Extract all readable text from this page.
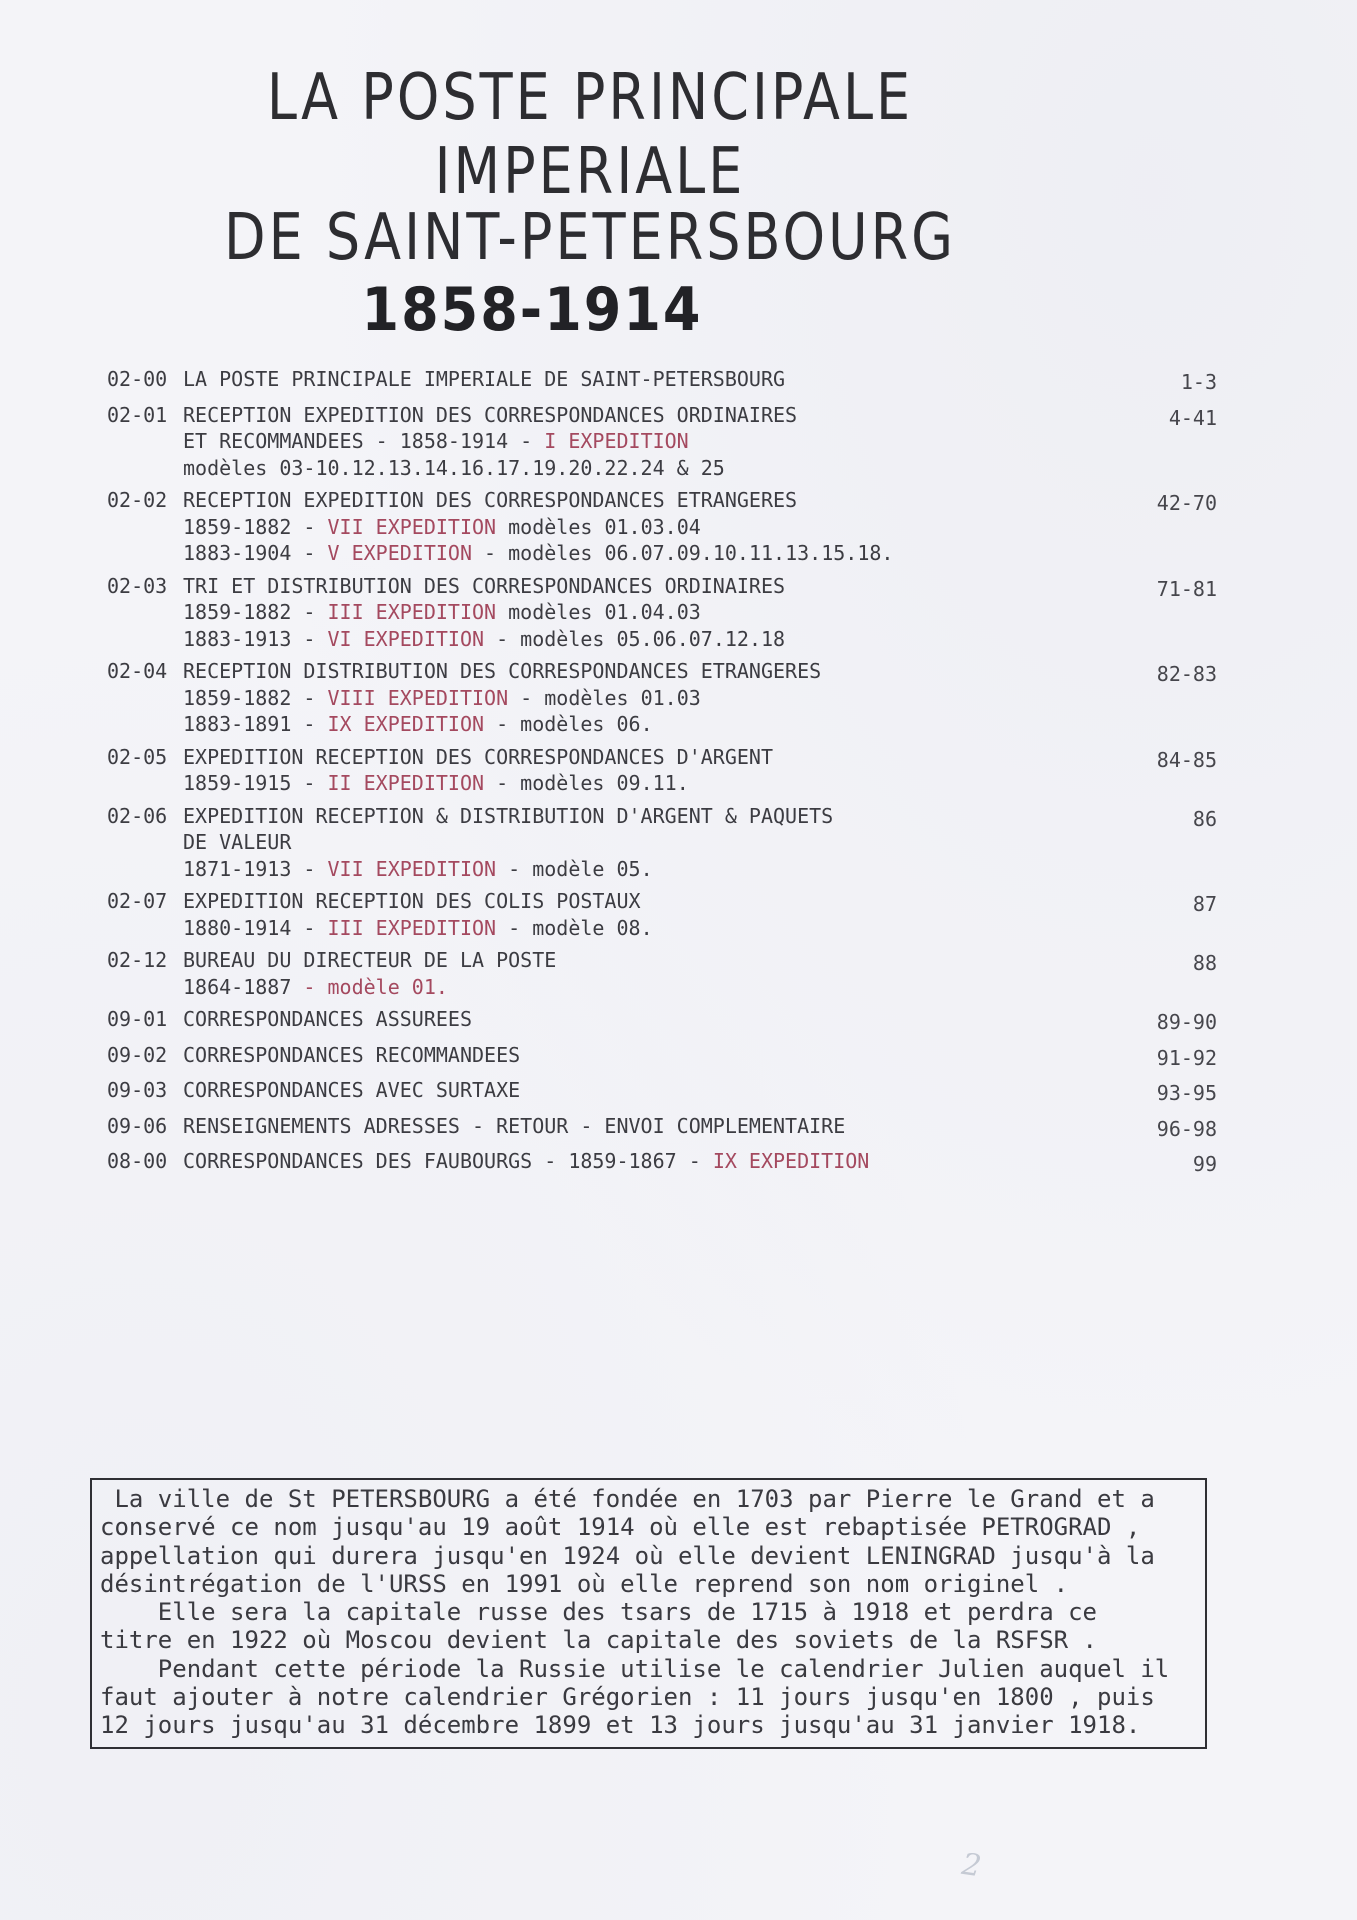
LA POSTE PRINCIPALE
IMPERIALE
DE SAINT-PETERSBOURG
1858-1914
02-00 LA POSTE PRINCIPALE IMPERIALE DE SAINT-PETERSBOURG	1-3
02-01 RECEPTION EXPEDITION DES CORRESPONDANCES ORDINAIRES
ET RECOMMANDEES - 1858-1914 - I EXPEDITION
modèles 03-10.12.13.14.16.17.19.20.22.24 & 25
4-41
02-02 RECEPTION EXPEDITION DES CORRESPONDANCES ETRANGERES
1859-1882 - VII EXPEDITION modèles 01.03.04
1883-1904 - V EXPEDITION - modèles 06.07.09.10.11.13.15.18.
42-70
02-03 TRI ET DISTRIBUTION DES CORRESPONDANCES ORDINAIRES
1859-1882 - III EXPEDITION modèles 01.04.03
1883-1913 - VI EXPEDITION - modèles 05.06.07.12.18
71-81
02-04 RECEPTION DISTRIBUTION DES CORRESPONDANCES ETRANGERES
1859-1882 - VIII EXPEDITION - modèles 01.03
1883-1891 - IX EXPEDITION - modèles 06.
82-83
02-05 EXPEDITION RECEPTION DES CORRESPONDANCES D'ARGENT
1859-1915 - II EXPEDITION - modèles 09.11.
84-85
02-06 EXPEDITION RECEPTION & DISTRIBUTION D'ARGENT & PAQUETS
DE VALEUR
1871-1913 - VII EXPEDITION - modèle 05.
86
02-07 EXPEDITION RECEPTION DES COLIS POSTAUX
1880-1914 - III EXPEDITION - modèle 08.
87
02-12 BUREAU DU DIRECTEUR DE LA POSTE
1864-1887 - modèle 01.
88
09-01 CORRESPONDANCES ASSUREES	89-90
09-02 CORRESPONDANCES RECOMMANDEES	91-92
09-03 CORRESPONDANCES AVEC SURTAXE	93-95
09-06 RENSEIGNEMENTS ADRESSES - RETOUR - ENVOI COMPLEMENTAIRE	96-98
08-00 CORRESPONDANCES DES FAUBOURGS - 1859-1867 - IX EXPEDITION	99
La ville de St PETERSBOURG a été fondée en 1703 par Pierre le Grand et a
conservé ce nom jusqu'au 19 août 1914 où elle est rebaptisée PETROGRAD ,
appellation qui durera jusqu'en 1924 où elle devient LENINGRAD jusqu'à la
désintrégation de l'URSS en 1991 où elle reprend son nom originel .
Elle sera la capitale russe des tsars de 1715 à 1918 et perdra ce
titre en 1922 où Moscou devient la capitale des soviets de la RSFSR .
Pendant cette période la Russie utilise le calendrier Julien auquel il
faut ajouter à notre calendrier Grégorien : 11 jours jusqu'en 1800 , puis
12 jours jusqu'au 31 décembre 1899 et 13 jours jusqu'au 31 janvier 1918.
2
